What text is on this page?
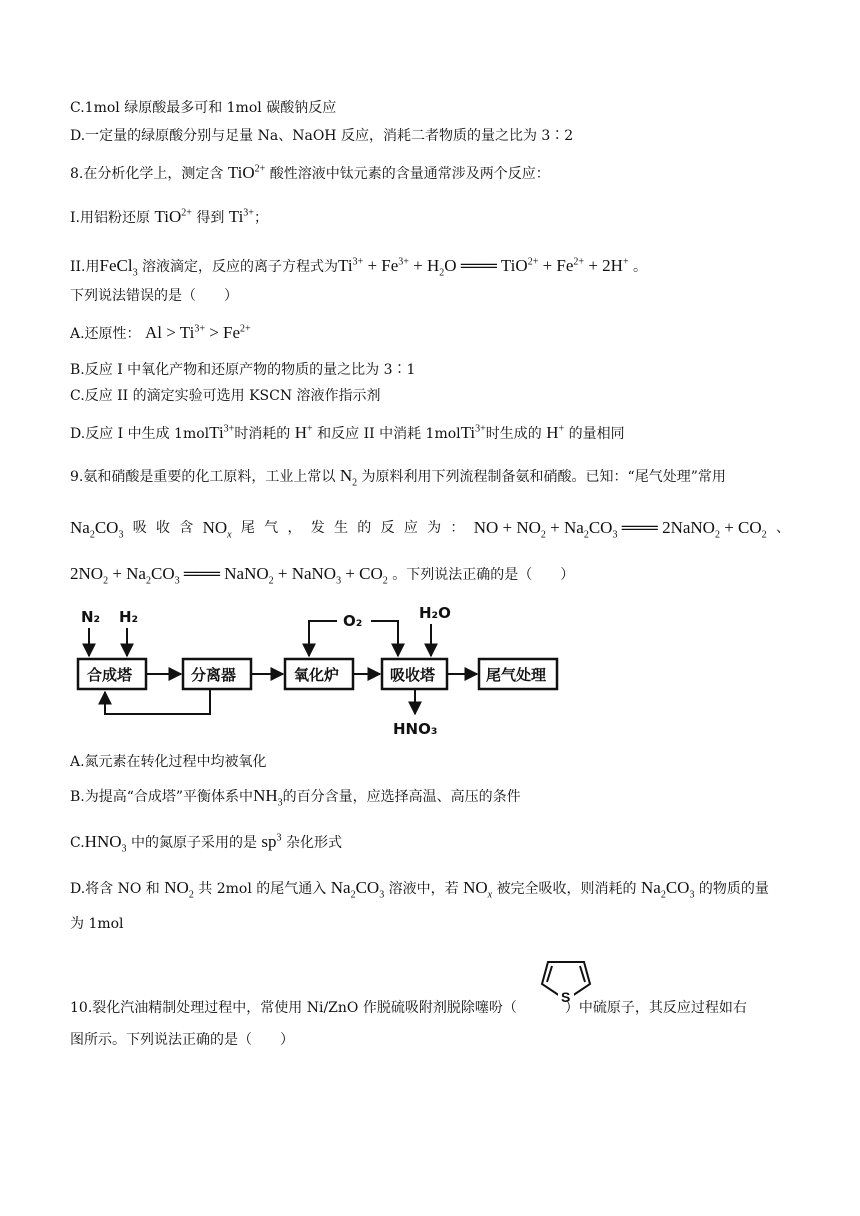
C.1mol 绿原酸最多可和 1mol 碳酸钠反应
D.一定量的绿原酸分别与足量 Na、NaOH 反应，消耗二者物质的量之比为 3∶2
8.在分析化学上，测定含 TiO$^{2+}$ 酸性溶液中钛元素的含量通常涉及两个反应：
I.用铝粉还原 TiO$^{2+}$ 得到 $Ti^{3+}$；
II.用FeCl$_3$ 溶液滴定，反应的离子方程式为$Ti^{3+} + Fe^{3+} + H_2O$ ═══ $TiO^{2+} + Fe^{2+} + 2H^+$ 。
下列说法错误的是（　　）
A.还原性： $Al > Ti^{3+} > Fe^{2+}$
B.反应 I 中氧化产物和还原产物的物质的量之比为 3∶1
C.反应 II 的滴定实验可选用 KSCN 溶液作指示剂
D.反应 I 中生成 1molTi$^{3+}$时消耗的 H+ 和反应 II 中消耗 1molTi$^{3+}$时生成的 H+ 的量相同
9.氨和硝酸是重要的化工原料，工业上常以 $N_2$ 为原料利用下列流程制备氨和硝酸。已知：“尾气处理”常用
$Na_2CO_3$ 吸 收 含 $NO_x$ 尾 气 ， 发 生 的 反 应 为 ： NO + $NO_2 + Na_2CO_3$ ═══ 2NaNO$_2$ + $CO_2$ 、
$2NO_2 + Na_2CO_3$ ═══ NaNO$_2$ + NaNO$_3$ + $CO_2$ 。下列说法正确的是（　　）
N₂ H₂
合成塔	分离器	氧化炉	吸收塔	尾气处理
O₂	H₂O
HNO₃
A.氮元素在转化过程中均被氧化
B.为提高“合成塔”平衡体系中$NH_3$的百分含量，应选择高温、高压的条件
$C.HNO_3$ 中的氮原子采用的是 $sp^3$ 杂化形式
D.将含 NO 和 $NO_2$ 共 2mol 的尾气通入 $Na_2CO_3$ 溶液中，若 $NO_x$ 被完全吸收，则消耗的 $Na_2CO_3$ 的物质的量
为 1mol
S
10.裂化汽油精制处理过程中，常使用 Ni/ZnO 作脱硫吸附剂脱除噻吩（	）中硫原子，其反应过程如右
图所示。下列说法正确的是（　　）
